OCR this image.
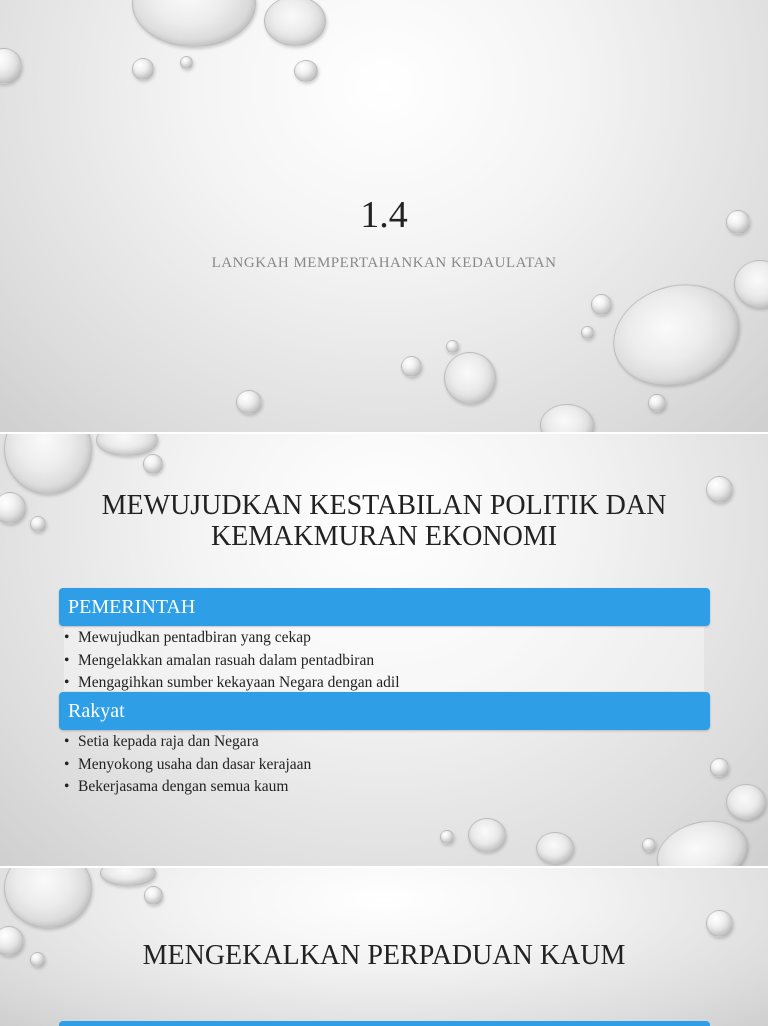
1.4
LANGKAH MEMPERTAHANKAN KEDAULATAN
MEWUJUDKAN KESTABILAN POLITIK DAN KEMAKMURAN EKONOMI
PEMERINTAH
• Mewujudkan pentadbiran yang cekap
• Mengelakkan amalan rasuah dalam pentadbiran
• Mengagihkan sumber kekayaan Negara dengan adil
Rakyat
• Setia kepada raja dan Negara
• Menyokong usaha dan dasar kerajaan
• Bekerjasama dengan semua kaum
MENGEKALKAN PERPADUAN KAUM
